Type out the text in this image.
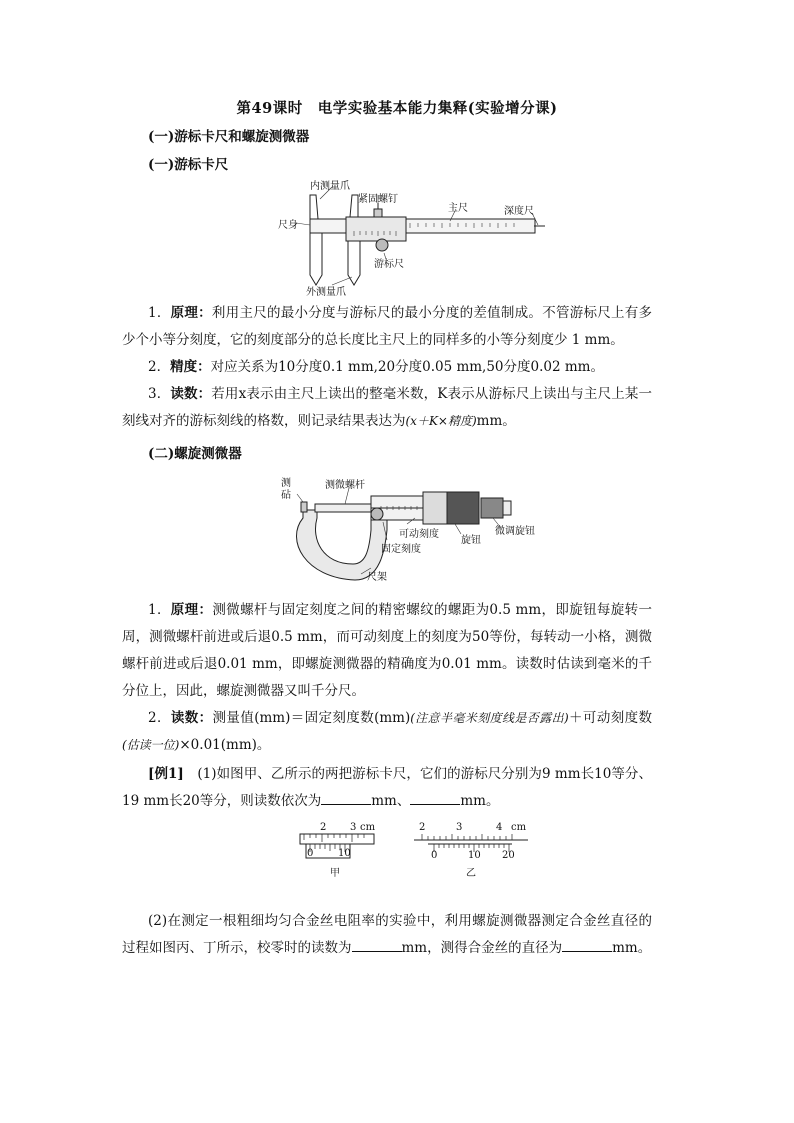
第49课时　电学实验基本能力集释(实验增分课)
(一)游标卡尺和螺旋测微器
(一)游标卡尺
内测量爪
紧固螺钉
主尺	深度尺
尺身
游标尺
外测量爪
1．原理：利用主尺的最小分度与游标尺的最小分度的差值制成。不管游标尺上有多少个小等分刻度，它的刻度部分的总长度比主尺上的同样多的小等分刻度少 1 mm。
2．精度：对应关系为10分度0.1 mm,20分度0.05 mm,50分度0.02 mm。
3．读数：若用x表示由主尺上读出的整毫米数，K表示从游标尺上读出与主尺上某一刻线对齐的游标刻线的格数，则记录结果表达为(x＋K×精度)mm。
(二)螺旋测微器
测
砧
测微螺杆
可动刻度
旋钮
微调旋钮
固定刻度
尺架
1．原理：测微螺杆与固定刻度之间的精密螺纹的螺距为0.5 mm，即旋钮每旋转一周，测微螺杆前进或后退0.5 mm，而可动刻度上的刻度为50等份，每转动一小格，测微螺杆前进或后退0.01 mm，即螺旋测微器的精确度为0.01 mm。读数时估读到毫米的千分位上，因此，螺旋测微器又叫千分尺。
2．读数：测量值(mm)＝固定刻度数(mm)(注意半毫米刻度线是否露出)＋可动刻度数(估读一位)×0.01(mm)。
[例1]　(1)如图甲、乙所示的两把游标卡尺，它们的游标尺分别为9 mm长10等分、19 mm长20等分，则读数依次为	mm、	mm。
2 3 cm
0 10
甲
2	3	4 cm
0	10 20
乙
(2)在测定一根粗细均匀合金丝电阻率的实验中，利用螺旋测微器测定合金丝直径的过程如图丙、丁所示，校零时的读数为	mm，测得合金丝的直径为	mm。
